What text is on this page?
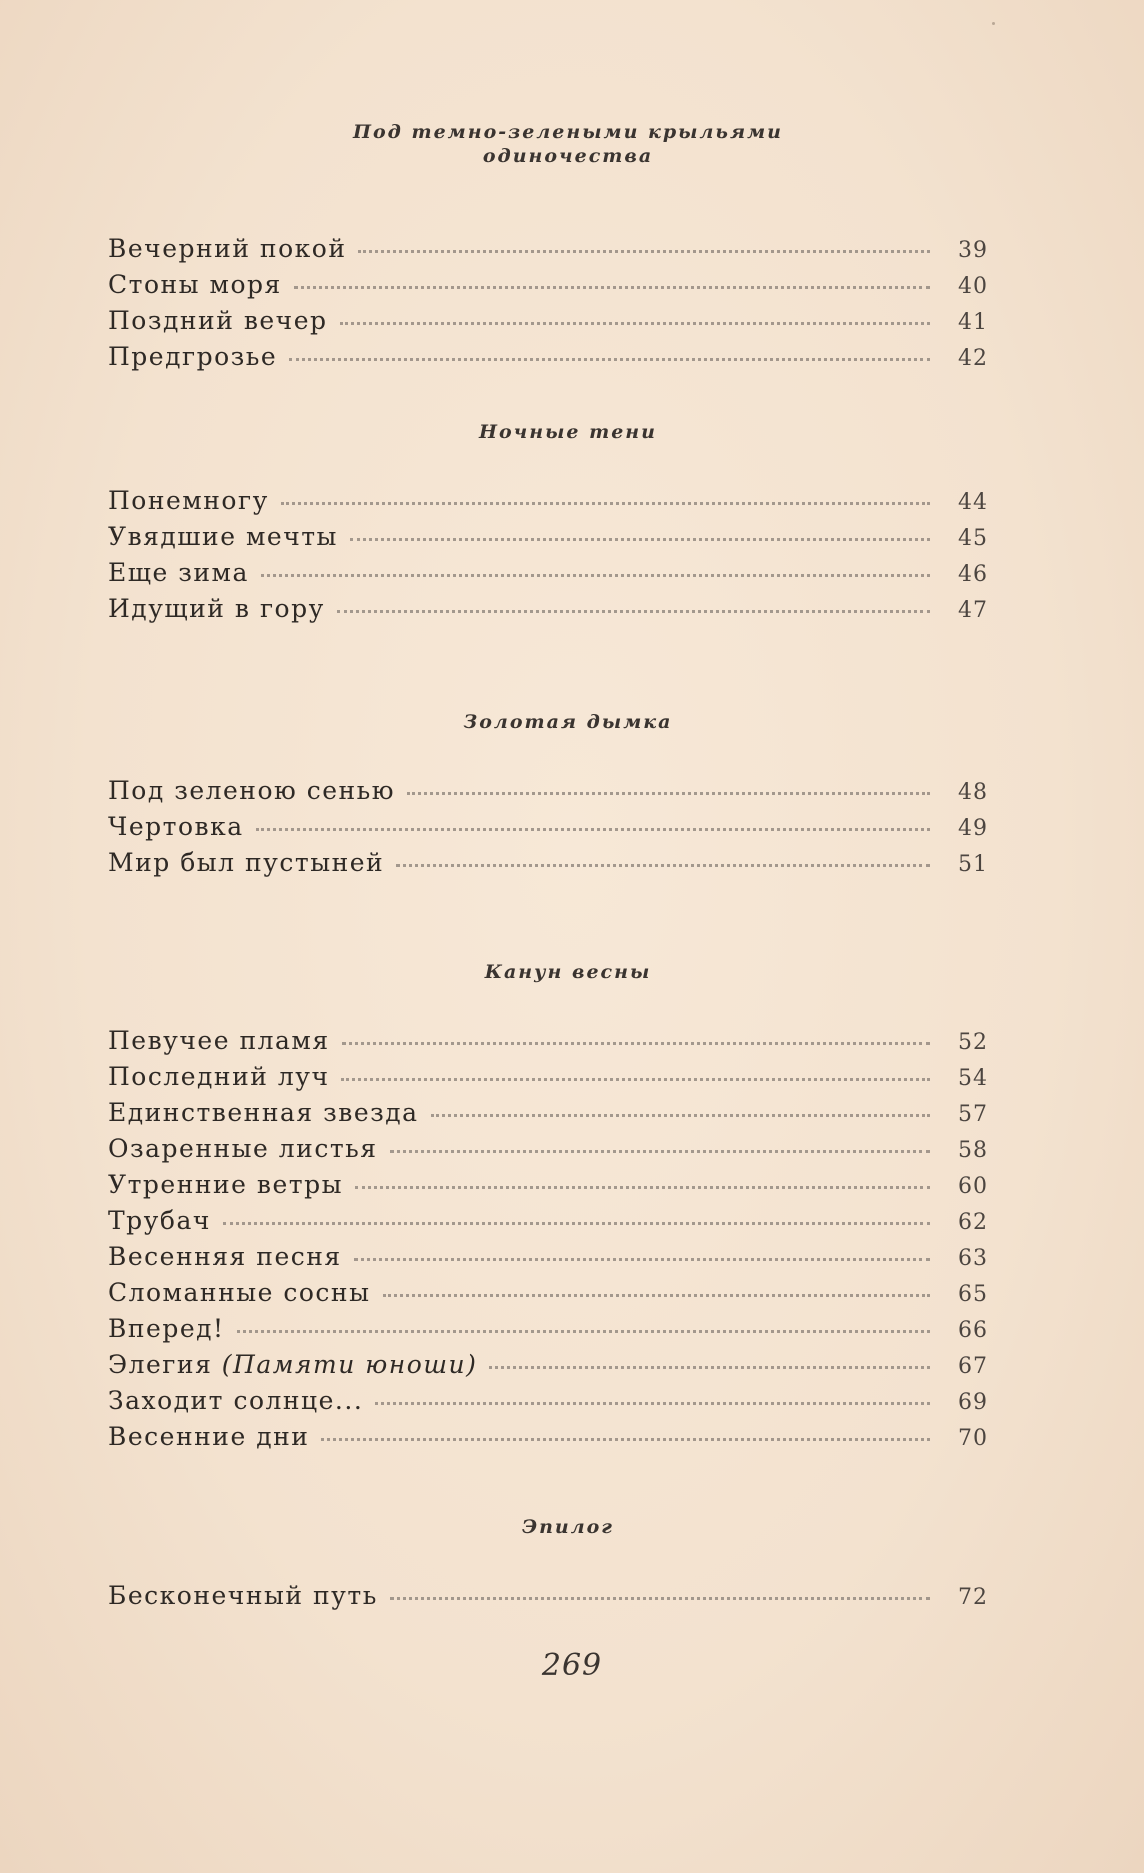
Под темно-зелеными крыльями
одиночества
Вечерний покой	39
Стоны моря	40
Поздний вечер	41
Предгрозье	42
Ночные тени
Понемногу	44
Увядшие мечты	45
Еще зима	46
Идущий в гору	47
Золотая дымка
Под зеленою сенью	48
Чертовка	49
Мир был пустыней	51
Канун весны
Певучее пламя	52
Последний луч	54
Единственная звезда	57
Озаренные листья	58
Утренние ветры	60
Трубач	62
Весенняя песня	63
Сломанные сосны	65
Вперед!	66
Элегия (Памяти юноши)	67
Заходит солнце...	69
Весенние дни	70
Эпилог
Бесконечный путь	72
269
